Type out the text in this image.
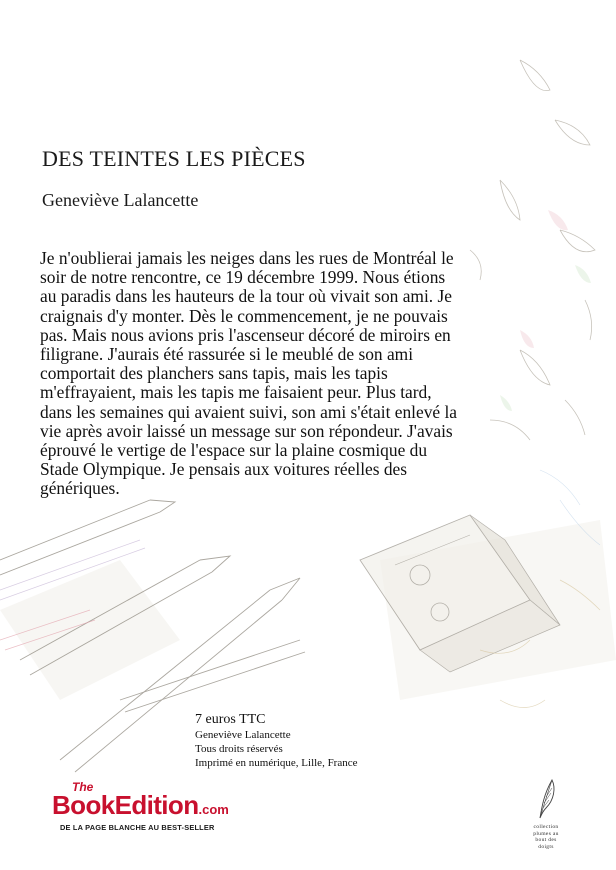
DES TEINTES LES PIÈCES
Geneviève Lalancette
Je n'oublierai jamais les neiges dans les rues de Montréal le soir de notre rencontre, ce 19 décembre 1999. Nous étions au paradis dans les hauteurs de la tour où vivait son ami. Je craignais d'y monter. Dès le commencement, je ne pouvais pas. Mais nous avions pris l'ascenseur décoré de miroirs en filigrane. J'aurais été rassurée si le meublé de son ami comportait des planchers sans tapis, mais les tapis m'effrayaient, mais les tapis me faisaient peur. Plus tard, dans les semaines qui avaient suivi, son ami s'était enlevé la vie après avoir laissé un message sur son répondeur. J'avais éprouvé le vertige de l'espace sur la plaine cosmique du Stade Olympique. Je pensais aux voitures réelles des génériques.
7 euros TTC
Geneviève Lalancette
Tous droits réservés
Imprimé en numérique, Lille, France
The
BookEdition.com
DE LA PAGE BLANCHE AU BEST-SELLER	collection
plumes au
bout des
doigts
